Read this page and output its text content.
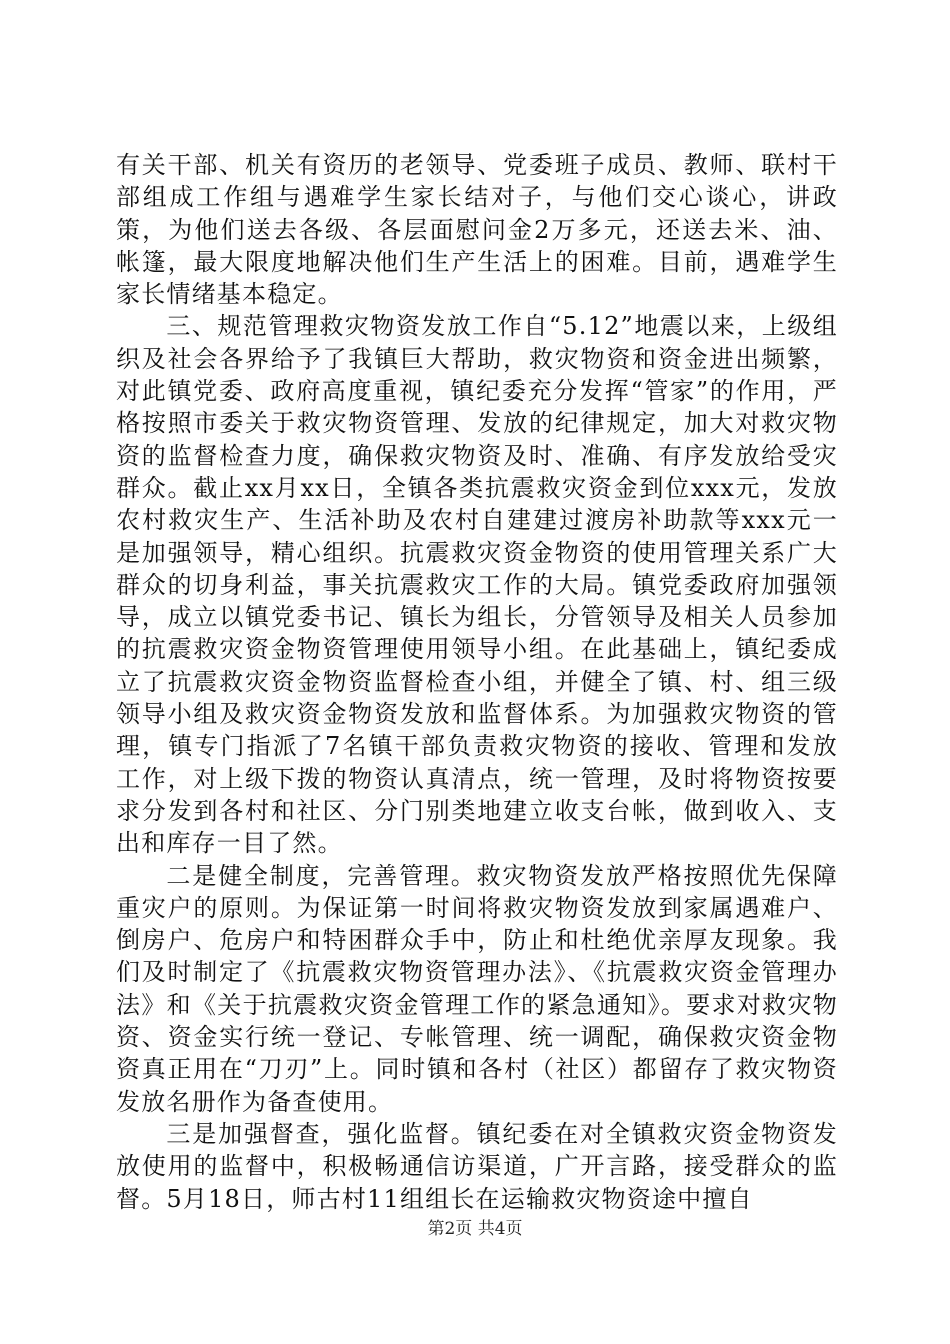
有关干部、机关有资历的老领导、党委班子成员、教师、联村干部组成工作组与遇难学生家长结对子，与他们交心谈心，讲政策，为他们送去各级、各层面慰问金2万多元，还送去米、油、帐篷，最大限度地解决他们生产生活上的困难。目前，遇难学生家长情绪基本稳定。

三、规范管理救灾物资发放工作自“5.12”地震以来，上级组织及社会各界给予了我镇巨大帮助，救灾物资和资金进出频繁，对此镇党委、政府高度重视，镇纪委充分发挥“管家”的作用，严格按照市委关于救灾物资管理、发放的纪律规定，加大对救灾物资的监督检查力度，确保救灾物资及时、准确、有序发放给受灾群众。截止xx月xx日，全镇各类抗震救灾资金到位xxx元，发放农村救灾生产、生活补助及农村自建建过渡房补助款等xxx元一是加强领导，精心组织。抗震救灾资金物资的使用管理关系广大群众的切身利益，事关抗震救灾工作的大局。镇党委政府加强领导，成立以镇党委书记、镇长为组长，分管领导及相关人员参加的抗震救灾资金物资管理使用领导小组。在此基础上，镇纪委成立了抗震救灾资金物资监督检查小组，并健全了镇、村、组三级领导小组及救灾资金物资发放和监督体系。为加强救灾物资的管理，镇专门指派了7名镇干部负责救灾物资的接收、管理和发放工作，对上级下拨的物资认真清点，统一管理，及时将物资按要求分发到各村和社区、分门别类地建立收支台帐，做到收入、支出和库存一目了然。

二是健全制度，完善管理。救灾物资发放严格按照优先保障重灾户的原则。为保证第一时间将救灾物资发放到家属遇难户、倒房户、危房户和特困群众手中，防止和杜绝优亲厚友现象。我们及时制定了《抗震救灾物资管理办法》、《抗震救灾资金管理办法》和《关于抗震救灾资金管理工作的紧急通知》。要求对救灾物资、资金实行统一登记、专帐管理、统一调配，确保救灾资金物资真正用在“刀刃”上。同时镇和各村（社区）都留存了救灾物资发放名册作为备查使用。

三是加强督查，强化监督。镇纪委在对全镇救灾资金物资发放使用的监督中，积极畅通信访渠道，广开言路，接受群众的监督。5月18日，师古村11组组长在运输救灾物资途中擅自

第2页 共4页
